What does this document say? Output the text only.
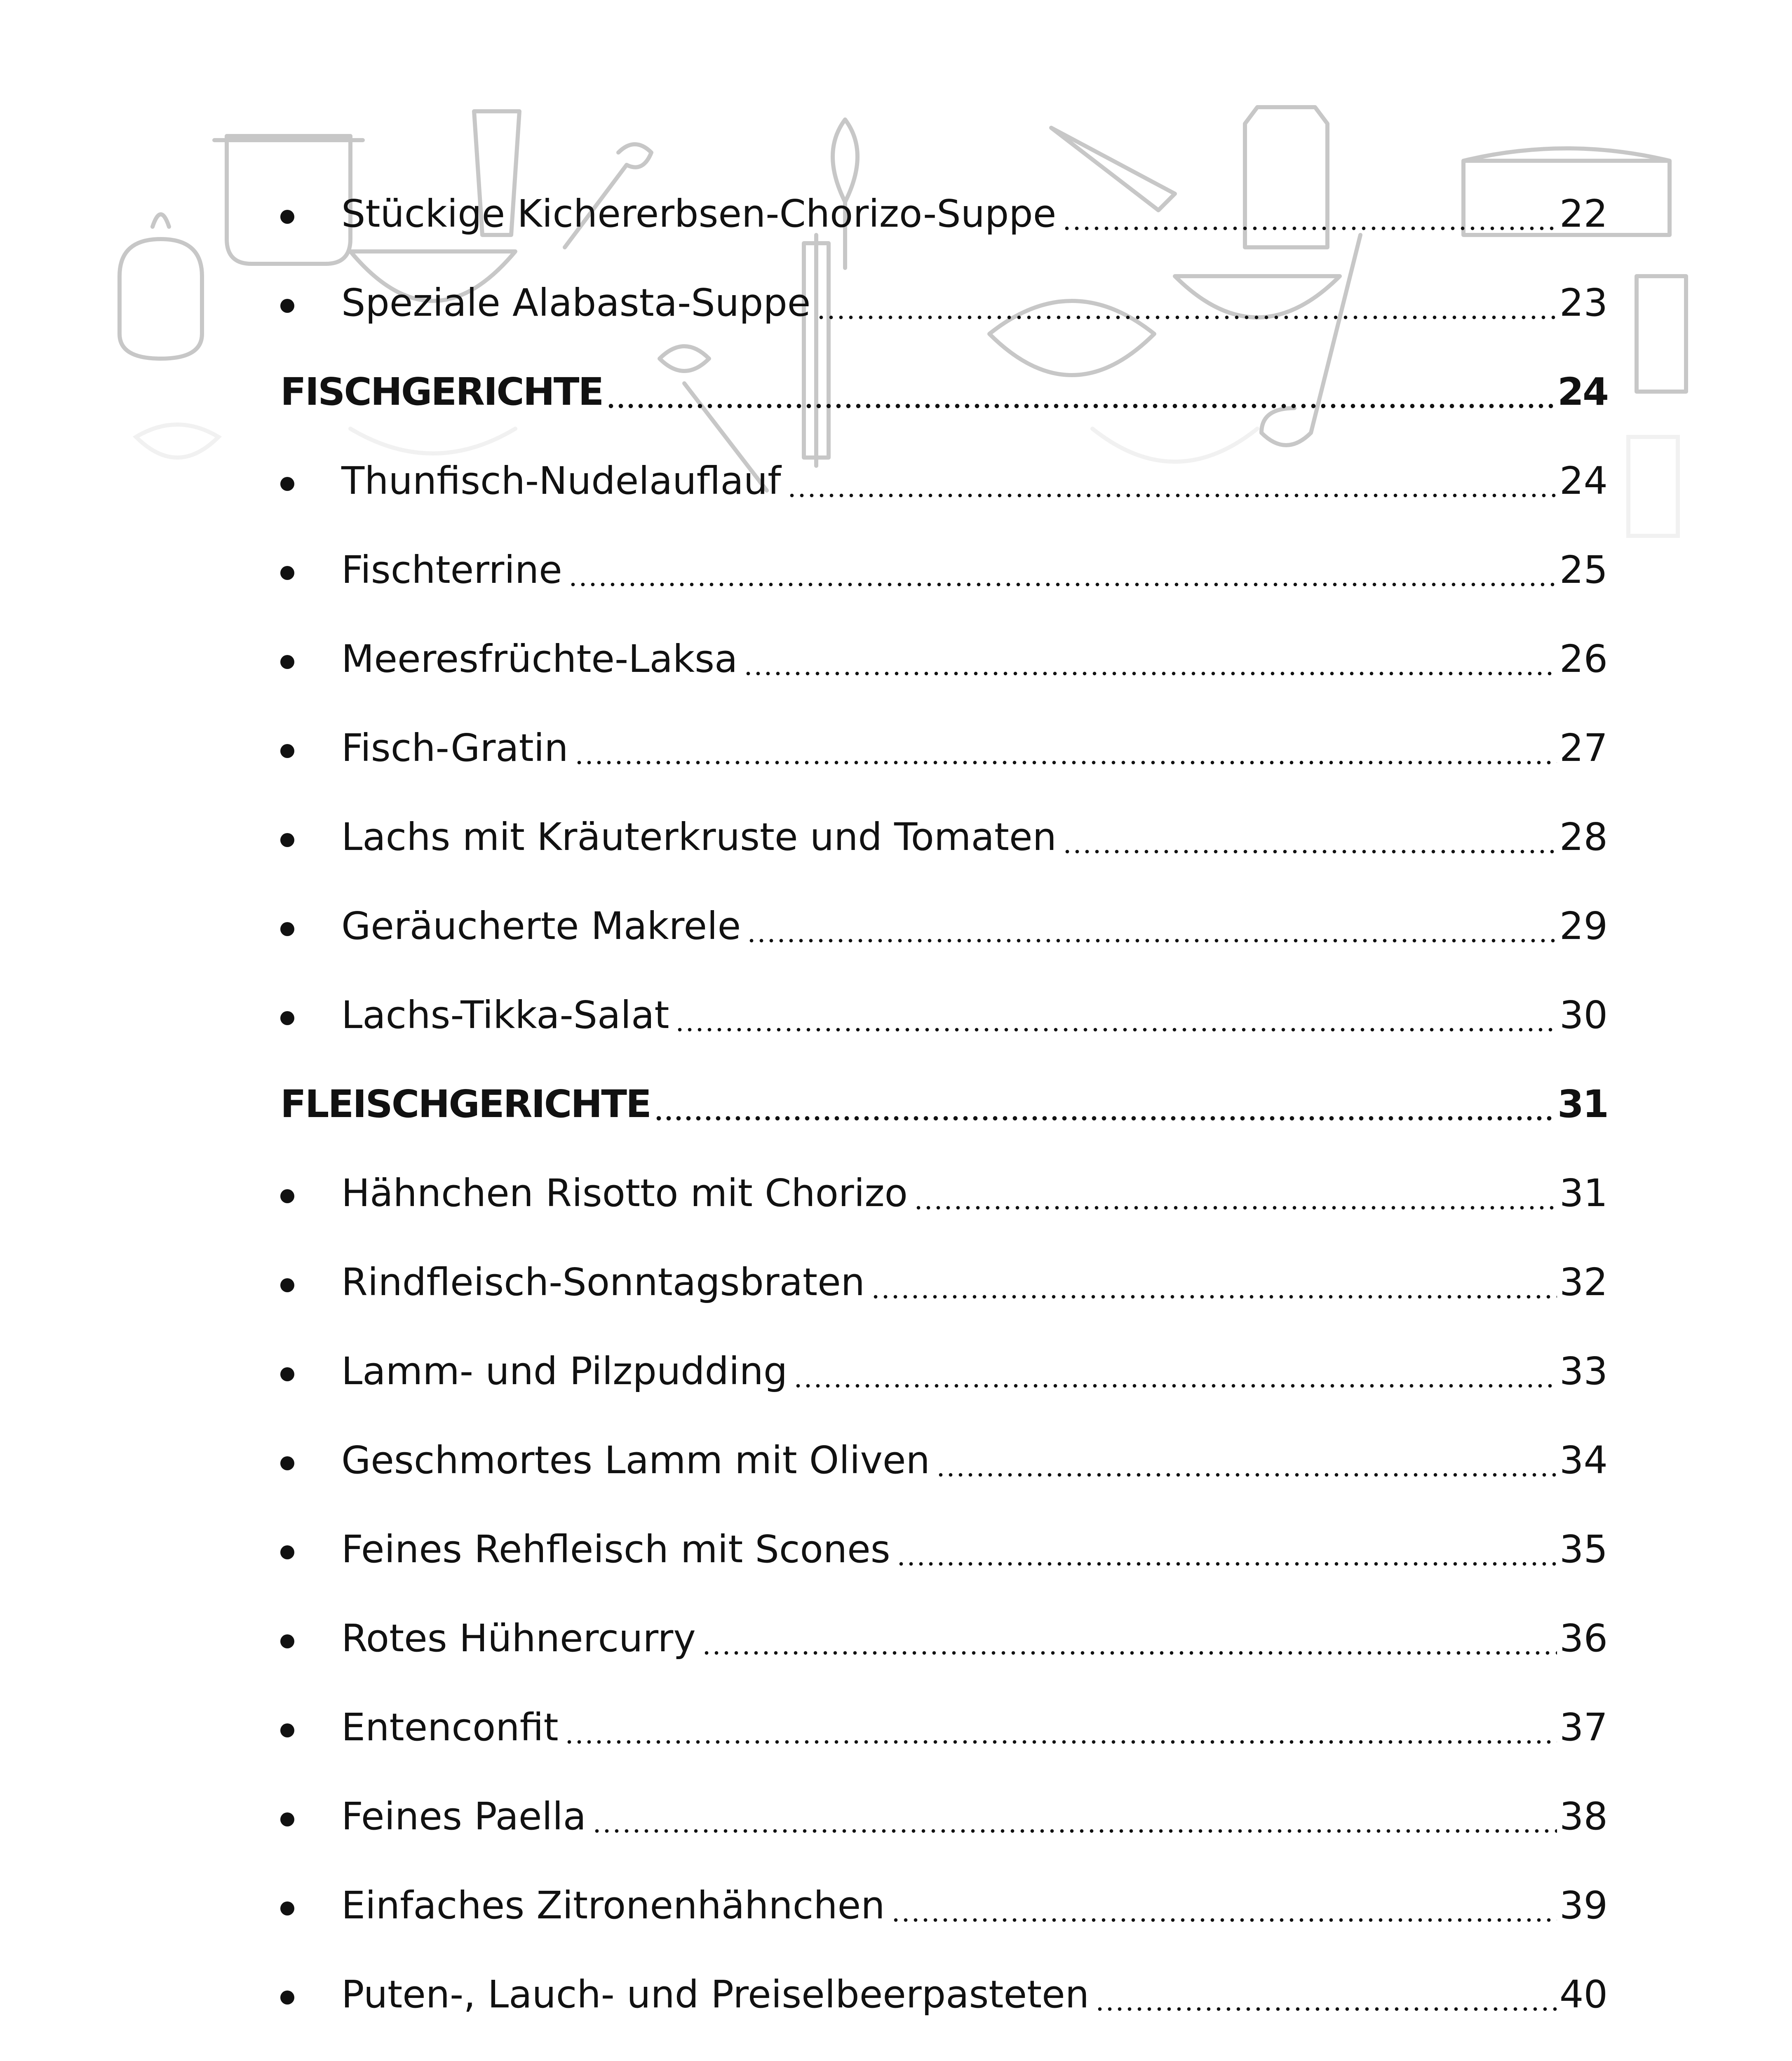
Stückige Kichererbsen-Chorizo-Suppe	22
Speziale Alabasta-Suppe	23
FISCHGERICHTE	24
Thunfisch-Nudelauflauf	24
Fischterrine	25
Meeresfrüchte-Laksa	26
Fisch-Gratin	27
Lachs mit Kräuterkruste und Tomaten	28
Geräucherte Makrele	29
Lachs-Tikka-Salat	30
FLEISCHGERICHTE	31
Hähnchen Risotto mit Chorizo	31
Rindfleisch-Sonntagsbraten	32
Lamm- und Pilzpudding	33
Geschmortes Lamm mit Oliven	34
Feines Rehfleisch mit Scones	35
Rotes Hühnercurry	36
Entenconfit	37
Feines Paella	38
Einfaches Zitronenhähnchen	39
Puten-, Lauch- und Preiselbeerpasteten	40
